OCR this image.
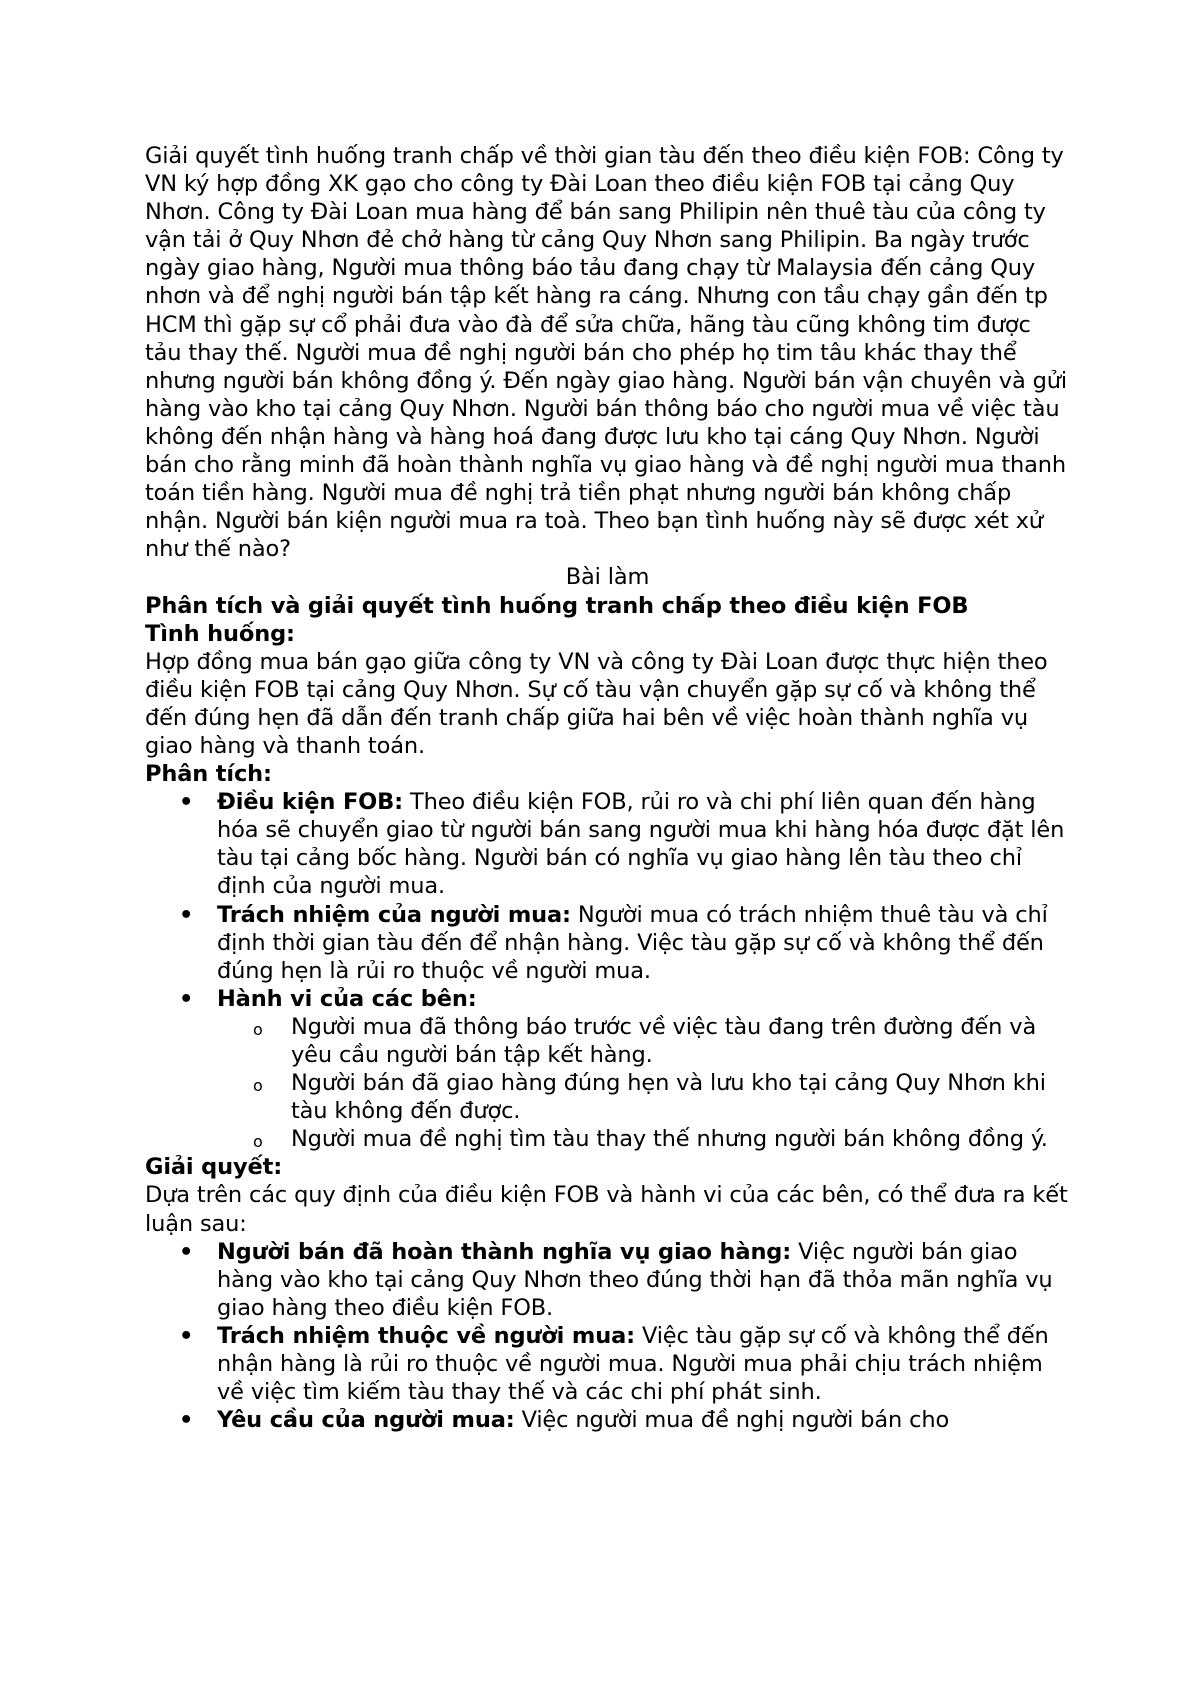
Giải quyết tình huống tranh chấp về thời gian tàu đến theo điều kiện FOB: Công ty VN ký hợp đồng XK gạo cho công ty Đài Loan theo điều kiện FOB tại cảng Quy Nhơn. Công ty Đài Loan mua hàng để bán sang Philipin nên thuê tàu của công ty vận tải ở Quy Nhơn đẻ chở hàng từ cảng Quy Nhơn sang Philipin. Ba ngày trước ngày giao hàng, Người mua thông báo tảu đang chạy từ Malaysia đến cảng Quy nhơn và để nghị người bán tập kết hàng ra cáng. Nhưng con tầu chạy gần đến tp HCM thì gặp sự cổ phải đưa vào đà để sửa chữa, hãng tàu cũng không tim được tảu thay thế. Người mua đề nghị người bán cho phép họ tim tâu khác thay thể nhưng người bán không đồng ý. Đến ngày giao hàng. Người bán vận chuyên và gửi hàng vào kho tại cảng Quy Nhơn. Người bán thông báo cho người mua về việc tàu không đến nhận hàng và hàng hoá đang được lưu kho tại cáng Quy Nhơn. Người bán cho rằng minh đã hoàn thành nghĩa vụ giao hàng và đề nghị người mua thanh toán tiền hàng. Người mua đề nghị trả tiền phạt nhưng người bán không chấp nhận. Người bán kiện người mua ra toà. Theo bạn tình huống này sẽ được xét xử như thế nào?

Bài làm

Phân tích và giải quyết tình huống tranh chấp theo điều kiện FOB

Tình huống:

Hợp đồng mua bán gạo giữa công ty VN và công ty Đài Loan được thực hiện theo điều kiện FOB tại cảng Quy Nhơn. Sự cố tàu vận chuyển gặp sự cố và không thể đến đúng hẹn đã dẫn đến tranh chấp giữa hai bên về việc hoàn thành nghĩa vụ giao hàng và thanh toán.

Phân tích:

• Điều kiện FOB: Theo điều kiện FOB, rủi ro và chi phí liên quan đến hàng hóa sẽ chuyển giao từ người bán sang người mua khi hàng hóa được đặt lên tàu tại cảng bốc hàng. Người bán có nghĩa vụ giao hàng lên tàu theo chỉ định của người mua.
• Trách nhiệm của người mua: Người mua có trách nhiệm thuê tàu và chỉ định thời gian tàu đến để nhận hàng. Việc tàu gặp sự cố và không thể đến đúng hẹn là rủi ro thuộc về người mua.
• Hành vi của các bên:
o Người mua đã thông báo trước về việc tàu đang trên đường đến và yêu cầu người bán tập kết hàng.
o Người bán đã giao hàng đúng hẹn và lưu kho tại cảng Quy Nhơn khi tàu không đến được.
o Người mua đề nghị tìm tàu thay thế nhưng người bán không đồng ý.

Giải quyết:

Dựa trên các quy định của điều kiện FOB và hành vi của các bên, có thể đưa ra kết luận sau:

• Người bán đã hoàn thành nghĩa vụ giao hàng: Việc người bán giao hàng vào kho tại cảng Quy Nhơn theo đúng thời hạn đã thỏa mãn nghĩa vụ giao hàng theo điều kiện FOB.
• Trách nhiệm thuộc về người mua: Việc tàu gặp sự cố và không thể đến nhận hàng là rủi ro thuộc về người mua. Người mua phải chịu trách nhiệm về việc tìm kiếm tàu thay thế và các chi phí phát sinh.
• Yêu cầu của người mua: Việc người mua đề nghị người bán cho
